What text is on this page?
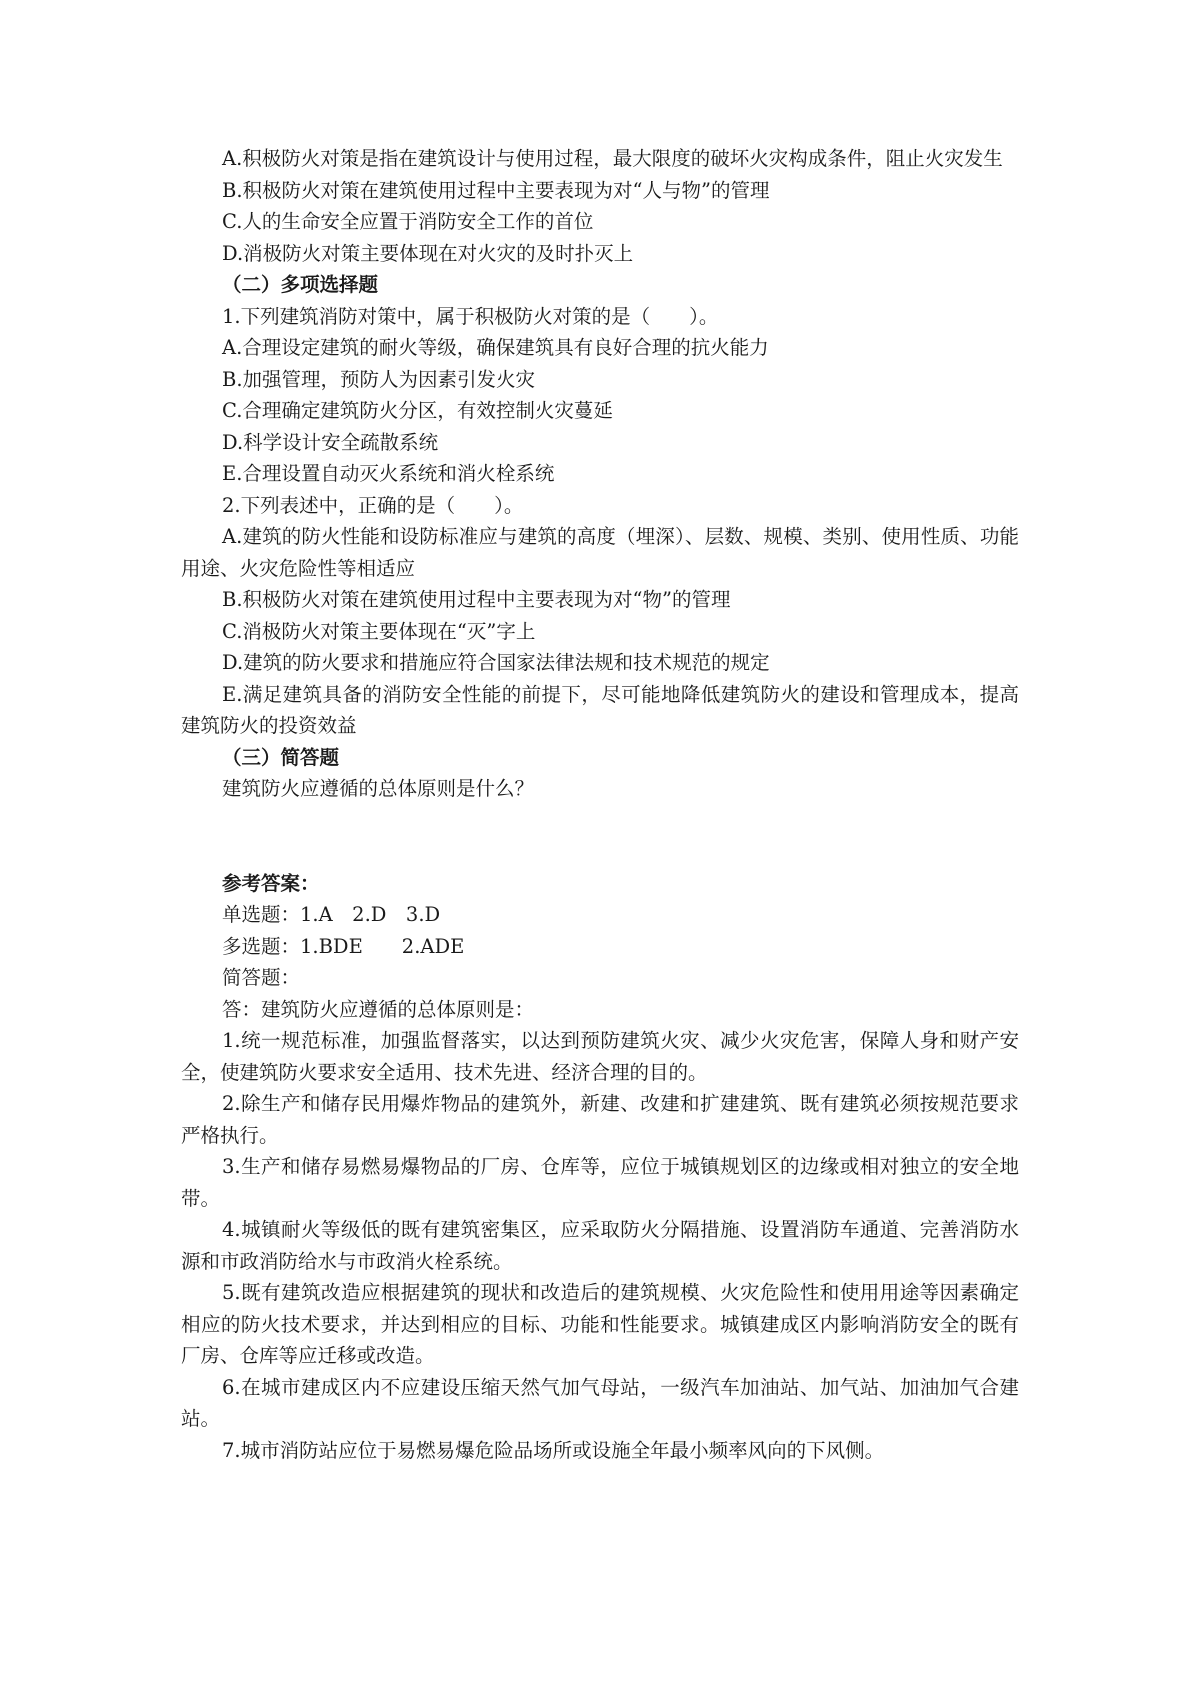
A.积极防火对策是指在建筑设计与使用过程，最大限度的破坏火灾构成条件，阻止火灾发生

B.积极防火对策在建筑使用过程中主要表现为对“人与物”的管理

C.人的生命安全应置于消防安全工作的首位

D.消极防火对策主要体现在对火灾的及时扑灭上

（二）多项选择题

1.下列建筑消防对策中，属于积极防火对策的是（　　）。

A.合理设定建筑的耐火等级，确保建筑具有良好合理的抗火能力

B.加强管理，预防人为因素引发火灾

C.合理确定建筑防火分区，有效控制火灾蔓延

D.科学设计安全疏散系统

E.合理设置自动灭火系统和消火栓系统

2.下列表述中，正确的是（　　）。

A.建筑的防火性能和设防标准应与建筑的高度（埋深）、层数、规模、类别、使用性质、功能用途、火灾危险性等相适应

B.积极防火对策在建筑使用过程中主要表现为对“物”的管理

C.消极防火对策主要体现在“灭”字上

D.建筑的防火要求和措施应符合国家法律法规和技术规范的规定

E.满足建筑具备的消防安全性能的前提下，尽可能地降低建筑防火的建设和管理成本，提高建筑防火的投资效益

（三）简答题

建筑防火应遵循的总体原则是什么？

参考答案：

单选题：1.A　2.D　3.D

多选题：1.BDE　　2.ADE

简答题：

答：建筑防火应遵循的总体原则是：

1.统一规范标准，加强监督落实，以达到预防建筑火灾、减少火灾危害，保障人身和财产安全，使建筑防火要求安全适用、技术先进、经济合理的目的。

2.除生产和储存民用爆炸物品的建筑外，新建、改建和扩建建筑、既有建筑必须按规范要求严格执行。

3.生产和储存易燃易爆物品的厂房、仓库等，应位于城镇规划区的边缘或相对独立的安全地带。

4.城镇耐火等级低的既有建筑密集区，应采取防火分隔措施、设置消防车通道、完善消防水源和市政消防给水与市政消火栓系统。

5.既有建筑改造应根据建筑的现状和改造后的建筑规模、火灾危险性和使用用途等因素确定相应的防火技术要求，并达到相应的目标、功能和性能要求。城镇建成区内影响消防安全的既有厂房、仓库等应迁移或改造。

6.在城市建成区内不应建设压缩天然气加气母站，一级汽车加油站、加气站、加油加气合建站。

7.城市消防站应位于易燃易爆危险品场所或设施全年最小频率风向的下风侧。
